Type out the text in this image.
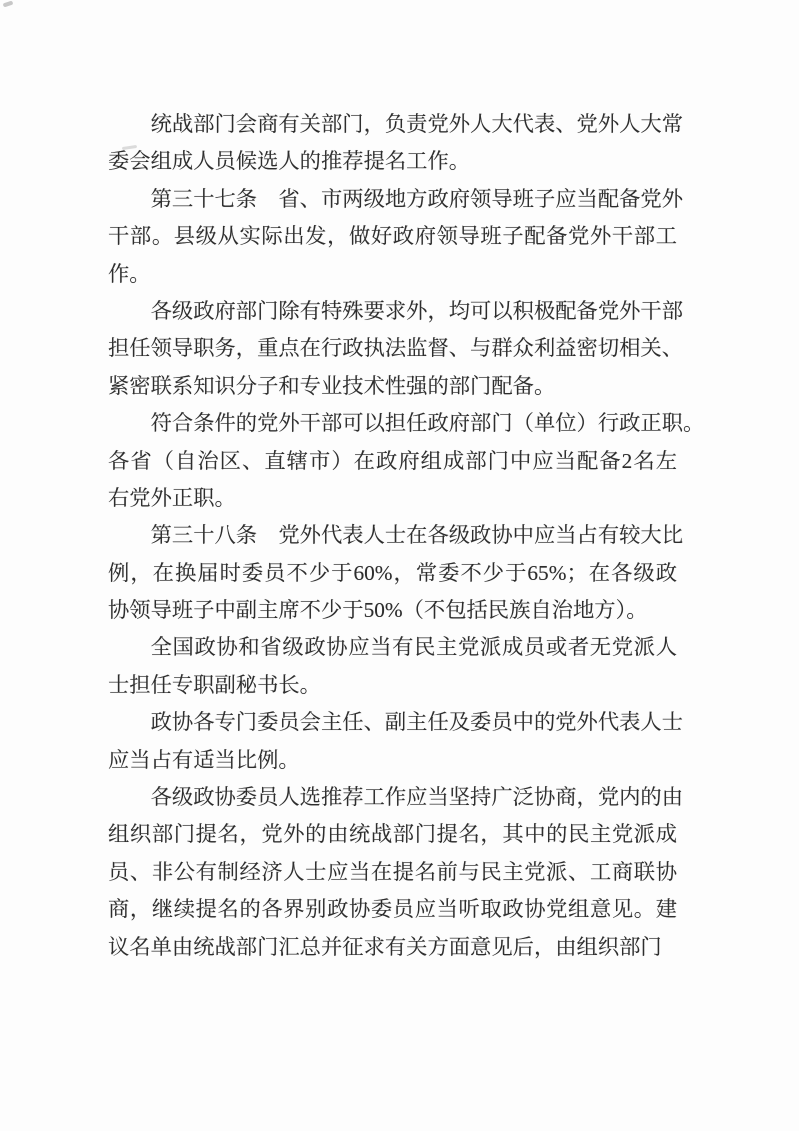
统战部门会商有关部门，负责党外人大代表、党外人大常
委会组成人员候选人的推荐提名工作。
第三十七条　省、市两级地方政府领导班子应当配备党外
干部。县级从实际出发，做好政府领导班子配备党外干部工
作。
各级政府部门除有特殊要求外，均可以积极配备党外干部
担任领导职务，重点在行政执法监督、与群众利益密切相关、
紧密联系知识分子和专业技术性强的部门配备。
符合条件的党外干部可以担任政府部门（单位）行政正职。
各省（自治区、直辖市）在政府组成部门中应当配备2名左
右党外正职。
第三十八条　党外代表人士在各级政协中应当占有较大比
例，在换届时委员不少于60%，常委不少于65%；在各级政
协领导班子中副主席不少于50%（不包括民族自治地方）。
全国政协和省级政协应当有民主党派成员或者无党派人
士担任专职副秘书长。
政协各专门委员会主任、副主任及委员中的党外代表人士
应当占有适当比例。
各级政协委员人选推荐工作应当坚持广泛协商，党内的由
组织部门提名，党外的由统战部门提名，其中的民主党派成
员、非公有制经济人士应当在提名前与民主党派、工商联协
商，继续提名的各界别政协委员应当听取政协党组意见。建
议名单由统战部门汇总并征求有关方面意见后，由组织部门
